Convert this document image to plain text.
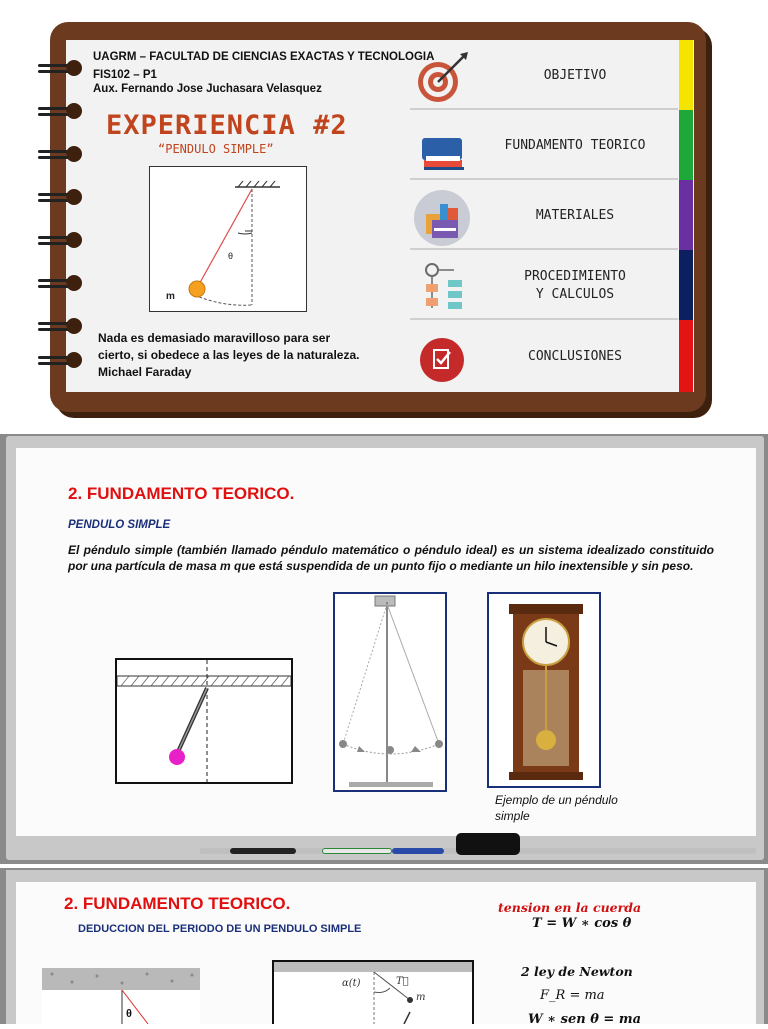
UAGRM – FACULTAD DE CIENCIAS EXACTAS Y TECNOLOGIA
FIS102 – P1
Aux. Fernando Jose Juchasara Velasquez
EXPERIENCIA #2
“PENDULO SIMPLE”
θ
m
Nada es demasiado maravilloso para ser
cierto, si obedece a las leyes de la naturaleza.
Michael Faraday
OBJETIVO
FUNDAMENTO TEORICO
MATERIALES
PROCEDIMIENTO
Y CALCULOS
CONCLUSIONES
2. FUNDAMENTO TEORICO.
PENDULO SIMPLE
El péndulo simple (también llamado péndulo matemático o péndulo ideal) es un sistema idealizado constituido por una partícula de masa m que está suspendida de un punto fijo o mediante un hilo inextensible y sin peso.
Ejemplo de un péndulo
simple
2. FUNDAMENTO TEORICO.
DEDUCCION DEL PERIODO DE UN PENDULO SIMPLE
tension en la cuerda
T = W ∗ cos θ
2 ley de Newton
F_R = ma
W ∗ sen θ = ma
θ
α(t)	T⃗
m
